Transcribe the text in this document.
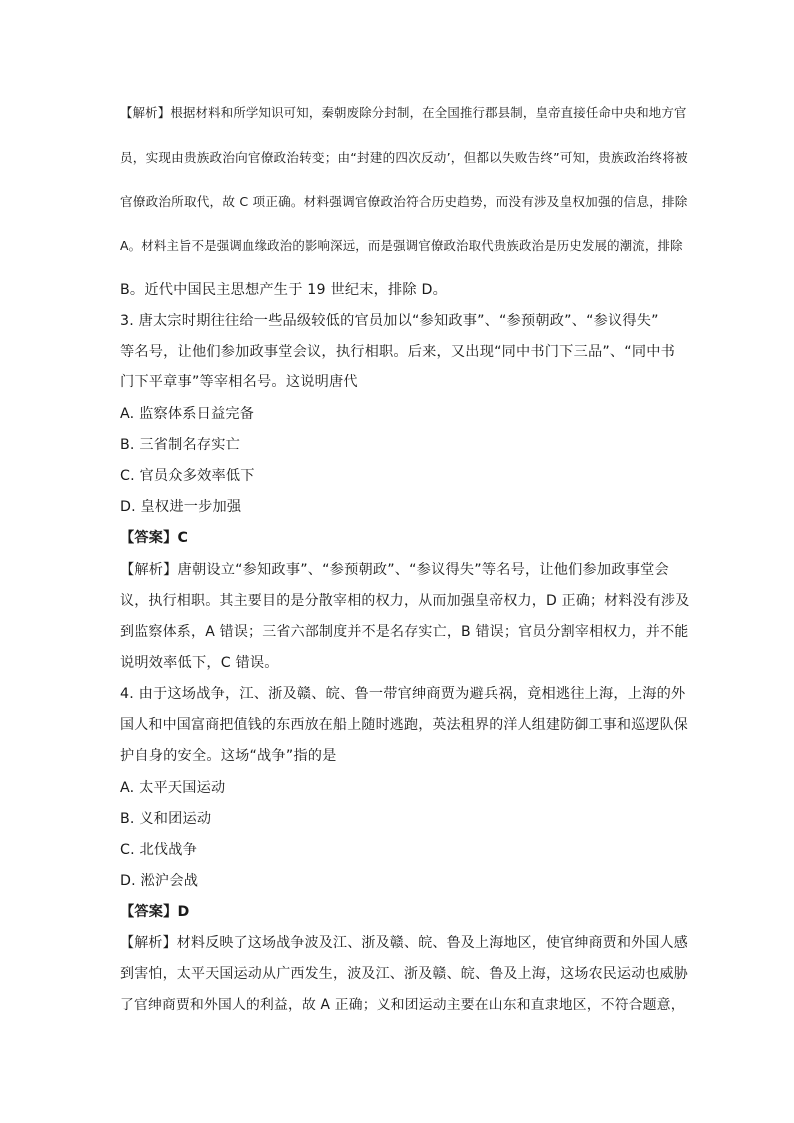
【解析】根据材料和所学知识可知，秦朝废除分封制，在全国推行郡县制，皇帝直接任命中央和地方官
员，实现由贵族政治向官僚政治转变；由“封建的四次反动’，但都以失败告终”可知，贵族政治终将被
官僚政治所取代，故 C 项正确。材料强调官僚政治符合历史趋势，而没有涉及皇权加强的信息，排除
A。材料主旨不是强调血缘政治的影响深远，而是强调官僚政治取代贵族政治是历史发展的潮流，排除
B。近代中国民主思想产生于 19 世纪末，排除 D。
3. 唐太宗时期往往给一些品级较低的官员加以“参知政事”、“参预朝政”、“参议得失”
等名号，让他们参加政事堂会议，执行相职。后来，又出现“同中书门下三品”、“同中书
门下平章事”等宰相名号。这说明唐代
A. 监察体系日益完备
B. 三省制名存实亡
C. 官员众多效率低下
D. 皇权进一步加强
【答案】C
【解析】唐朝设立“参知政事”、“参预朝政”、“参议得失”等名号，让他们参加政事堂会
议，执行相职。其主要目的是分散宰相的权力，从而加强皇帝权力，D 正确；材料没有涉及
到监察体系，A 错误；三省六部制度并不是名存实亡，B 错误；官员分割宰相权力，并不能
说明效率低下，C 错误。
4. 由于这场战争，江、浙及赣、皖、鲁一带官绅商贾为避兵祸，竟相逃往上海，上海的外
国人和中国富商把值钱的东西放在船上随时逃跑，英法租界的洋人组建防御工事和巡逻队保
护自身的安全。这场“战争”指的是
A. 太平天国运动
B. 义和团运动
C. 北伐战争
D. 淞沪会战
【答案】D
【解析】材料反映了这场战争波及江、浙及赣、皖、鲁及上海地区，使官绅商贾和外国人感
到害怕，太平天国运动从广西发生，波及江、浙及赣、皖、鲁及上海，这场农民运动也威胁
了官绅商贾和外国人的利益，故 A 正确；义和团运动主要在山东和直隶地区，不符合题意，
